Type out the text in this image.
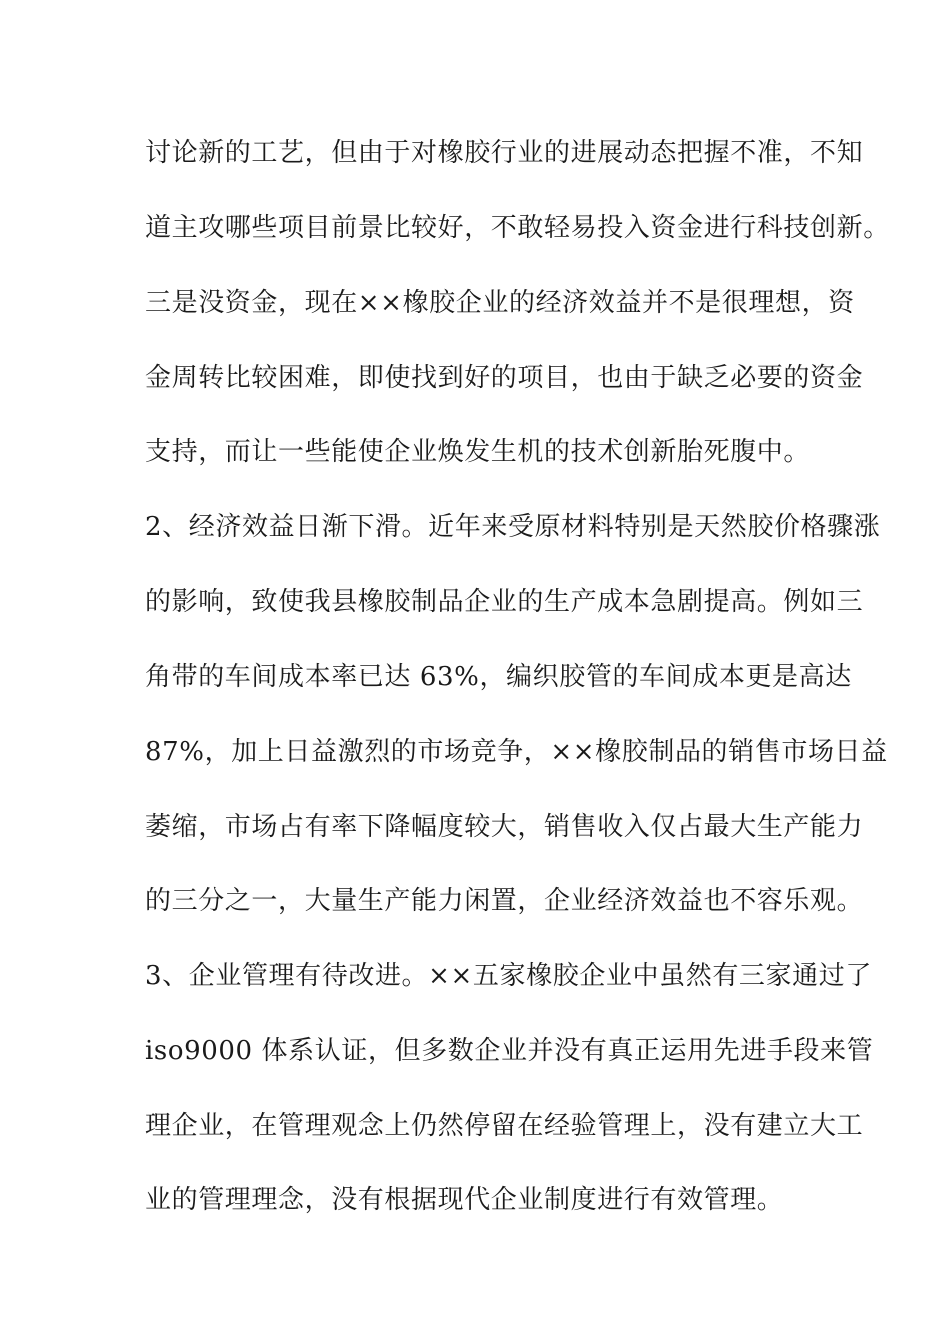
讨论新的工艺，但由于对橡胶行业的进展动态把握不准，不知
道主攻哪些项目前景比较好，不敢轻易投入资金进行科技创新。
三是没资金，现在××橡胶企业的经济效益并不是很理想，资
金周转比较困难，即使找到好的项目，也由于缺乏必要的资金
支持，而让一些能使企业焕发生机的技术创新胎死腹中。
2、经济效益日渐下滑。近年来受原材料特别是天然胶价格骤涨
的影响，致使我县橡胶制品企业的生产成本急剧提高。例如三
角带的车间成本率已达 63%，编织胶管的车间成本更是高达
87%，加上日益激烈的市场竞争，××橡胶制品的销售市场日益
萎缩，市场占有率下降幅度较大，销售收入仅占最大生产能力
的三分之一，大量生产能力闲置，企业经济效益也不容乐观。
3、企业管理有待改进。××五家橡胶企业中虽然有三家通过了
iso9000 体系认证，但多数企业并没有真正运用先进手段来管
理企业，在管理观念上仍然停留在经验管理上，没有建立大工
业的管理理念，没有根据现代企业制度进行有效管理。
